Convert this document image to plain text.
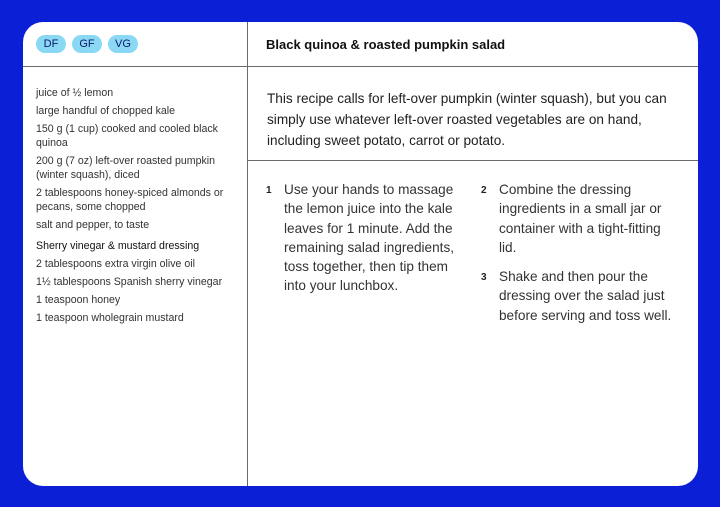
DF	GF	VG	Black quinoa & roasted pumpkin salad
juice of ½ lemon
large handful of chopped kale
150 g (1 cup) cooked and cooled black quinoa
200 g (7 oz) left-over roasted pumpkin (winter squash), diced
2 tablespoons honey-spiced almonds or pecans, some chopped
salt and pepper, to taste
Sherry vinegar & mustard dressing
2 tablespoons extra virgin olive oil
1½ tablespoons Spanish sherry vinegar
1 teaspoon honey
1 teaspoon wholegrain mustard
This recipe calls for left-over pumpkin (winter squash), but you can simply use whatever left-over roasted vegetables are on hand, including sweet potato, carrot or potato.
1 Use your hands to massage the lemon juice into the kale leaves for 1 minute. Add the remaining salad ingredients, toss together, then tip them into your lunchbox.
2 Combine the dressing ingredients in a small jar or container with a tight-fitting lid.
3 Shake and then pour the dressing over the salad just before serving and toss well.
